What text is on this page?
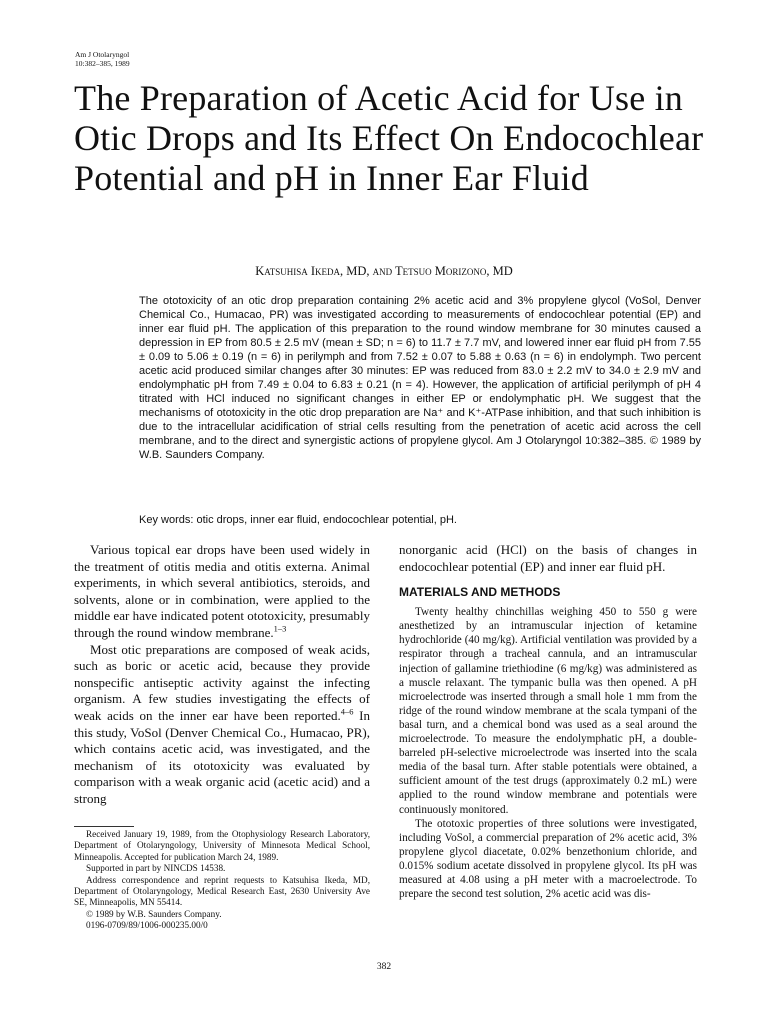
Am J Otolaryngol
10:382–385, 1989
The Preparation of Acetic Acid for Use in Otic Drops and Its Effect On Endocochlear Potential and pH in Inner Ear Fluid
Katsuhisa Ikeda, MD, and Tetsuo Morizono, MD

The ototoxicity of an otic drop preparation containing 2% acetic acid and 3% propylene glycol (VoSol, Denver Chemical Co., Humacao, PR) was investigated according to measurements of endocochlear potential (EP) and inner ear fluid pH. The application of this preparation to the round window membrane for 30 minutes caused a depression in EP from 80.5 ± 2.5 mV (mean ± SD; n = 6) to 11.7 ± 7.7 mV, and lowered inner ear fluid pH from 7.55 ± 0.09 to 5.06 ± 0.19 (n = 6) in perilymph and from 7.52 ± 0.07 to 5.88 ± 0.63 (n = 6) in endolymph. Two percent acetic acid produced similar changes after 30 minutes: EP was reduced from 83.0 ± 2.2 mV to 34.0 ± 2.9 mV and endolymphatic pH from 7.49 ± 0.04 to 6.83 ± 0.21 (n = 4). However, the application of artificial perilymph of pH 4 titrated with HCl induced no significant changes in either EP or endolymphatic pH. We suggest that the mechanisms of ototoxicity in the otic drop preparation are Na⁺ and K⁺-ATPase inhibition, and that such inhibition is due to the intracellular acidification of strial cells resulting from the penetration of acetic acid across the cell membrane, and to the direct and synergistic actions of propylene glycol. Am J Otolaryngol 10:382–385. © 1989 by W.B. Saunders Company.

Key words: otic drops, inner ear fluid, endocochlear potential, pH.

Various topical ear drops have been used widely in the treatment of otitis media and otitis externa. Animal experiments, in which several antibiotics, steroids, and solvents, alone or in combination, were applied to the middle ear have indicated potent ototoxicity, presumably through the round window membrane.$^{1-3}$

Most otic preparations are composed of weak acids, such as boric or acetic acid, because they provide nonspecific antiseptic activity against the infecting organism. A few studies investigating the effects of weak acids on the inner ear have been reported.$^{4-6}$ In this study, VoSol (Denver Chemical Co., Humacao, PR), which contains acetic acid, was investigated, and the mechanism of its ototoxicity was evaluated by comparison with a weak organic acid (acetic acid) and a strong

Received January 19, 1989, from the Otophysiology Research Laboratory, Department of Otolaryngology, University of Minnesota Medical School, Minneapolis. Accepted for publication March 24, 1989.

Supported in part by NINCDS 14538.

Address correspondence and reprint requests to Katsuhisa Ikeda, MD, Department of Otolaryngology, Medical Research East, 2630 University Ave SE, Minneapolis, MN 55414.

© 1989 by W.B. Saunders Company.

0196-0709/89/1006-000235.00/0

nonorganic acid (HCl) on the basis of changes in endocochlear potential (EP) and inner ear fluid pH.

MATERIALS AND METHODS

Twenty healthy chinchillas weighing 450 to 550 g were anesthetized by an intramuscular injection of ketamine hydrochloride (40 mg/kg). Artificial ventilation was provided by a respirator through a tracheal cannula, and an intramuscular injection of gallamine triethiodine (6 mg/kg) was administered as a muscle relaxant. The tympanic bulla was then opened. A pH microelectrode was inserted through a small hole 1 mm from the ridge of the round window membrane at the scala tympani of the basal turn, and a chemical bond was used as a seal around the microelectrode. To measure the endolymphatic pH, a double-barreled pH-selective microelectrode was inserted into the scala media of the basal turn. After stable potentials were obtained, a sufficient amount of the test drugs (approximately 0.2 mL) were applied to the round window membrane and potentials were continuously monitored.

The ototoxic properties of three solutions were investigated, including VoSol, a commercial preparation of 2% acetic acid, 3% propylene glycol diacetate, 0.02% benzethonium chloride, and 0.015% sodium acetate dissolved in propylene glycol. Its pH was measured at 4.08 using a pH meter with a macroelectrode. To prepare the second test solution, 2% acetic acid was dis-

382
